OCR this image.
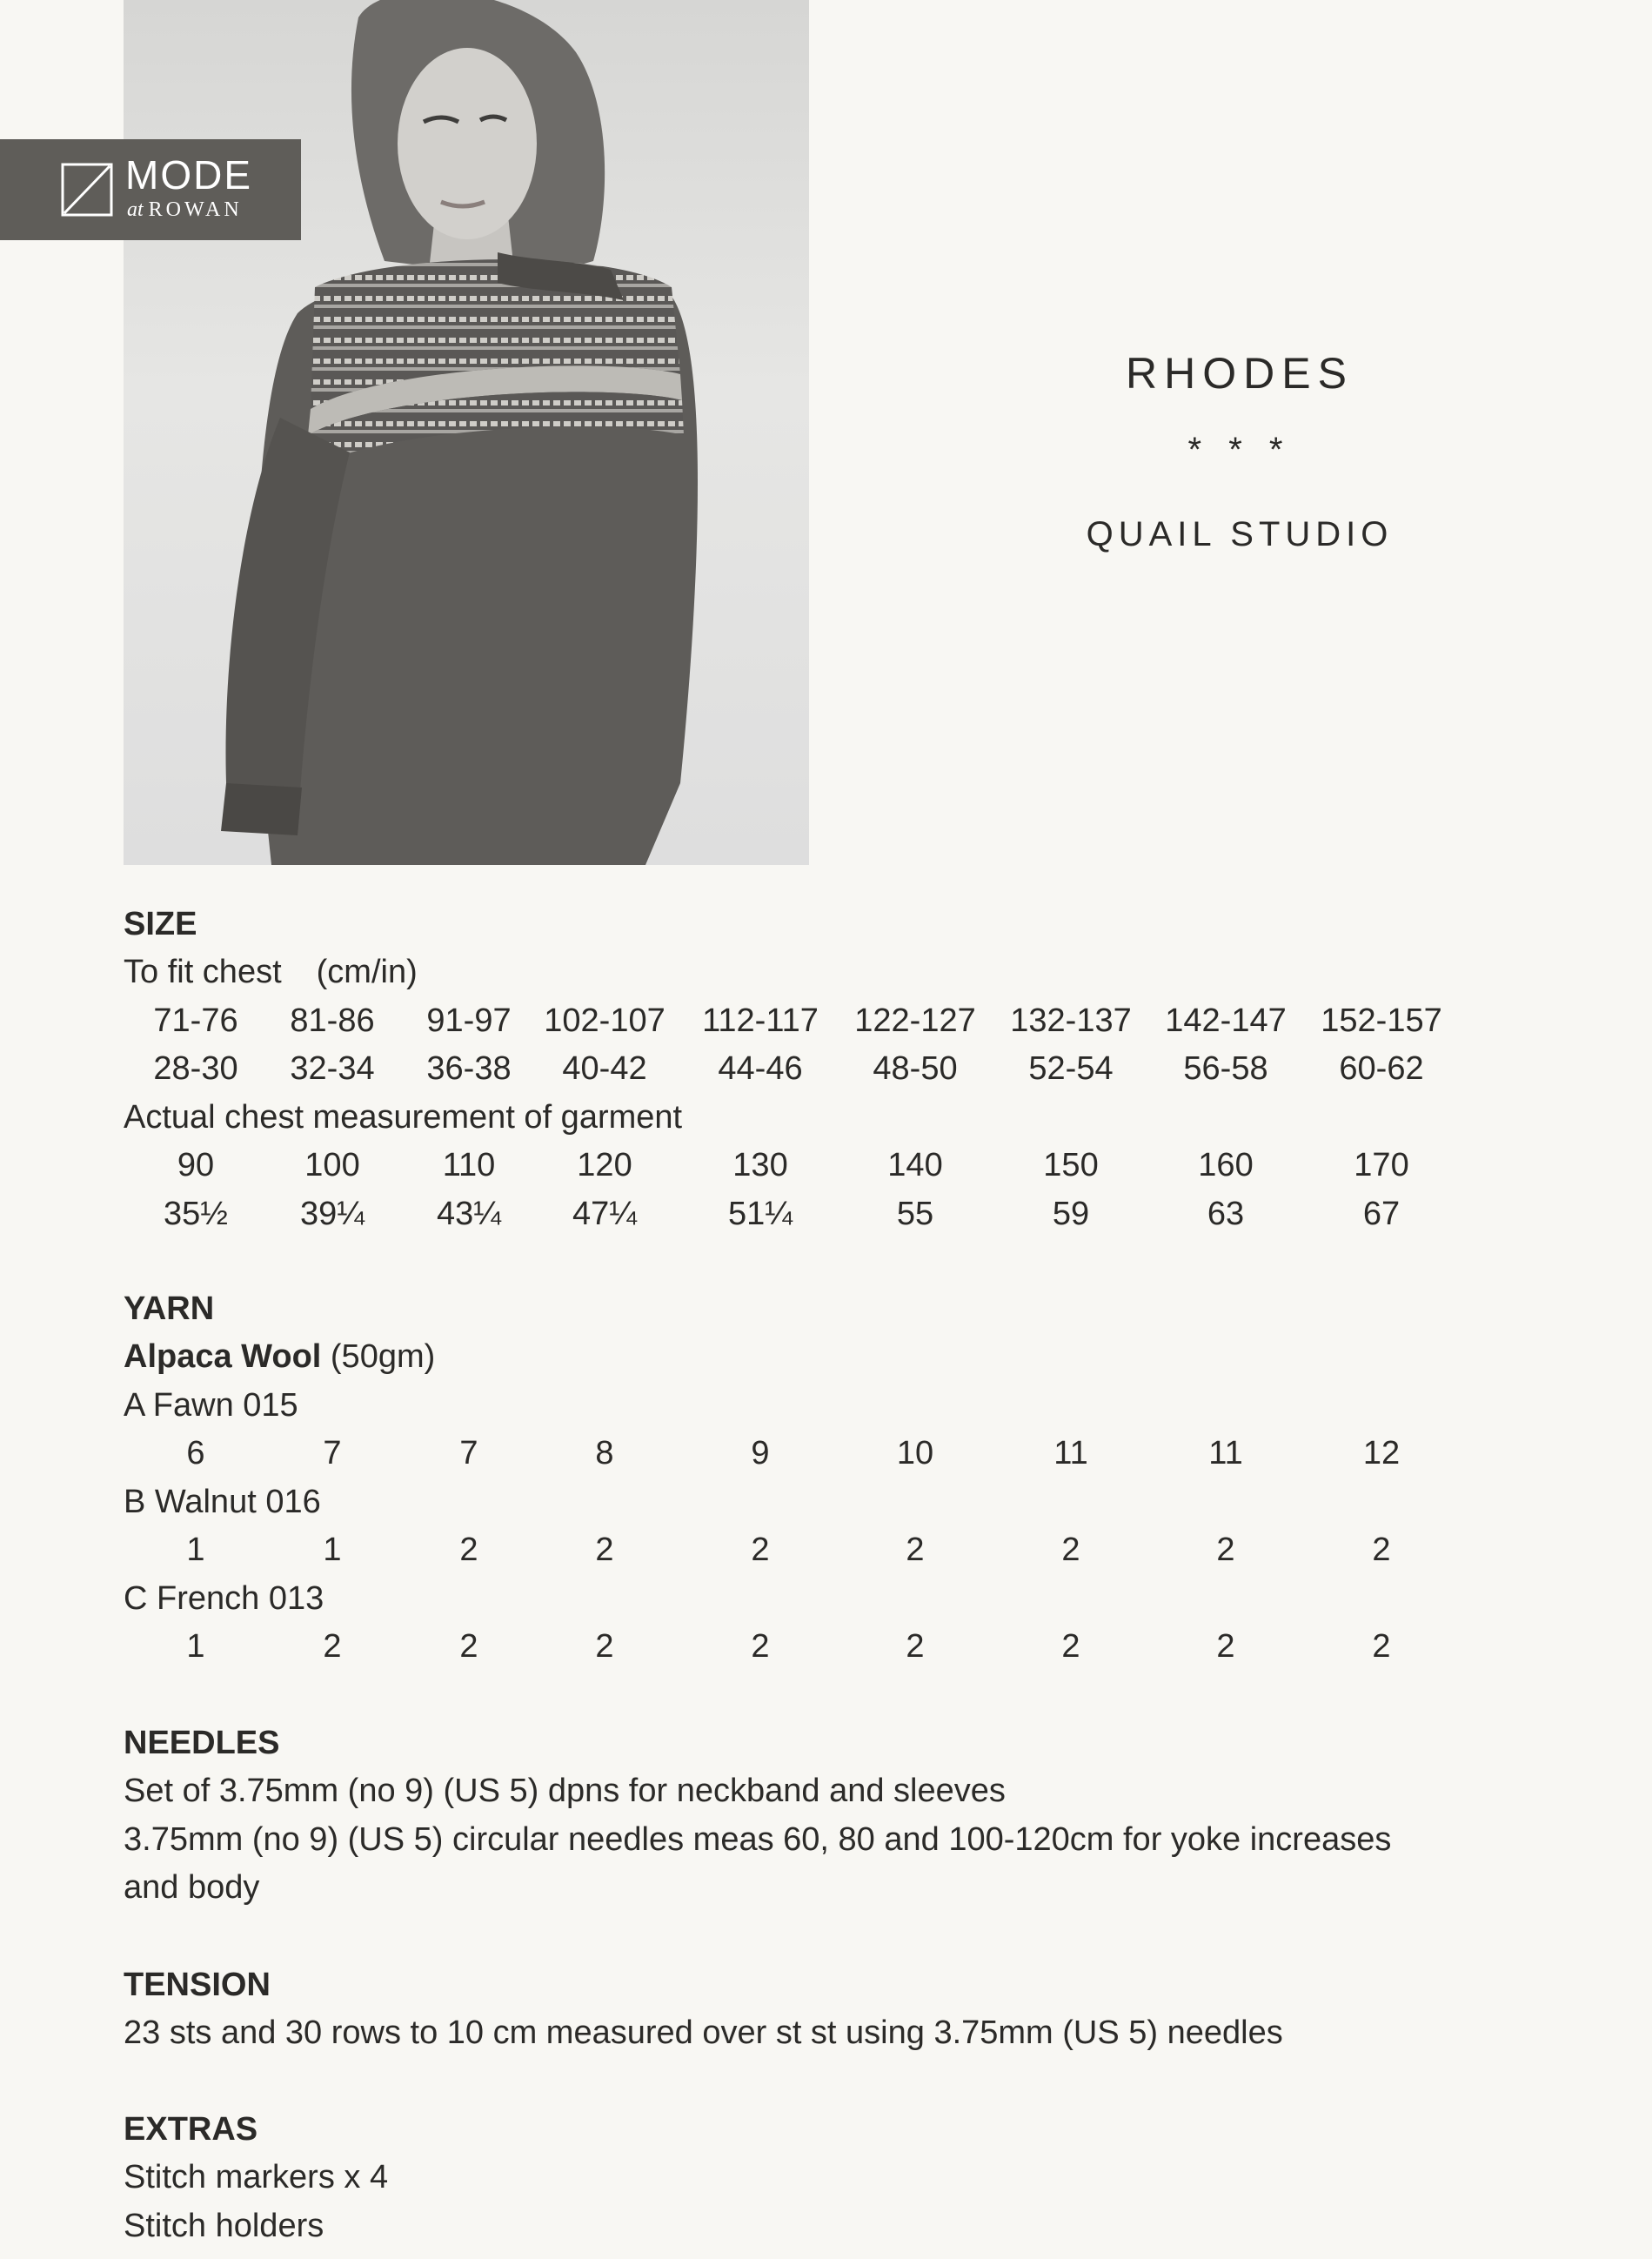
MODE
at ROWAN
RHODES
* * *
QUAIL STUDIO
SIZE
To fit chest (cm/in)
71-76	81-86	91-97 102-107	112-117	122-127 132-137 142-147 152-157
28-30	32-34	36-38	40-42	44-46	48-50	52-54	56-58	60-62
Actual chest measurement of garment
90	100	110	120	130	140	150	160	170
35½	39¼	43¼	47¼	51¼	55	59	63	67
YARN
Alpaca Wool (50gm)
A Fawn 015
6	7	7	8	9	10	11	11	12
B Walnut 016
1	1	2	2	2	2	2	2	2
C French 013
1	2	2	2	2	2	2	2	2
NEEDLES
Set of 3.75mm (no 9) (US 5) dpns for neckband and sleeves
3.75mm (no 9) (US 5) circular needles meas 60, 80 and 100-120cm for yoke increases
and body
TENSION
23 sts and 30 rows to 10 cm measured over st st using 3.75mm (US 5) needles
EXTRAS
Stitch markers x 4
Stitch holders
